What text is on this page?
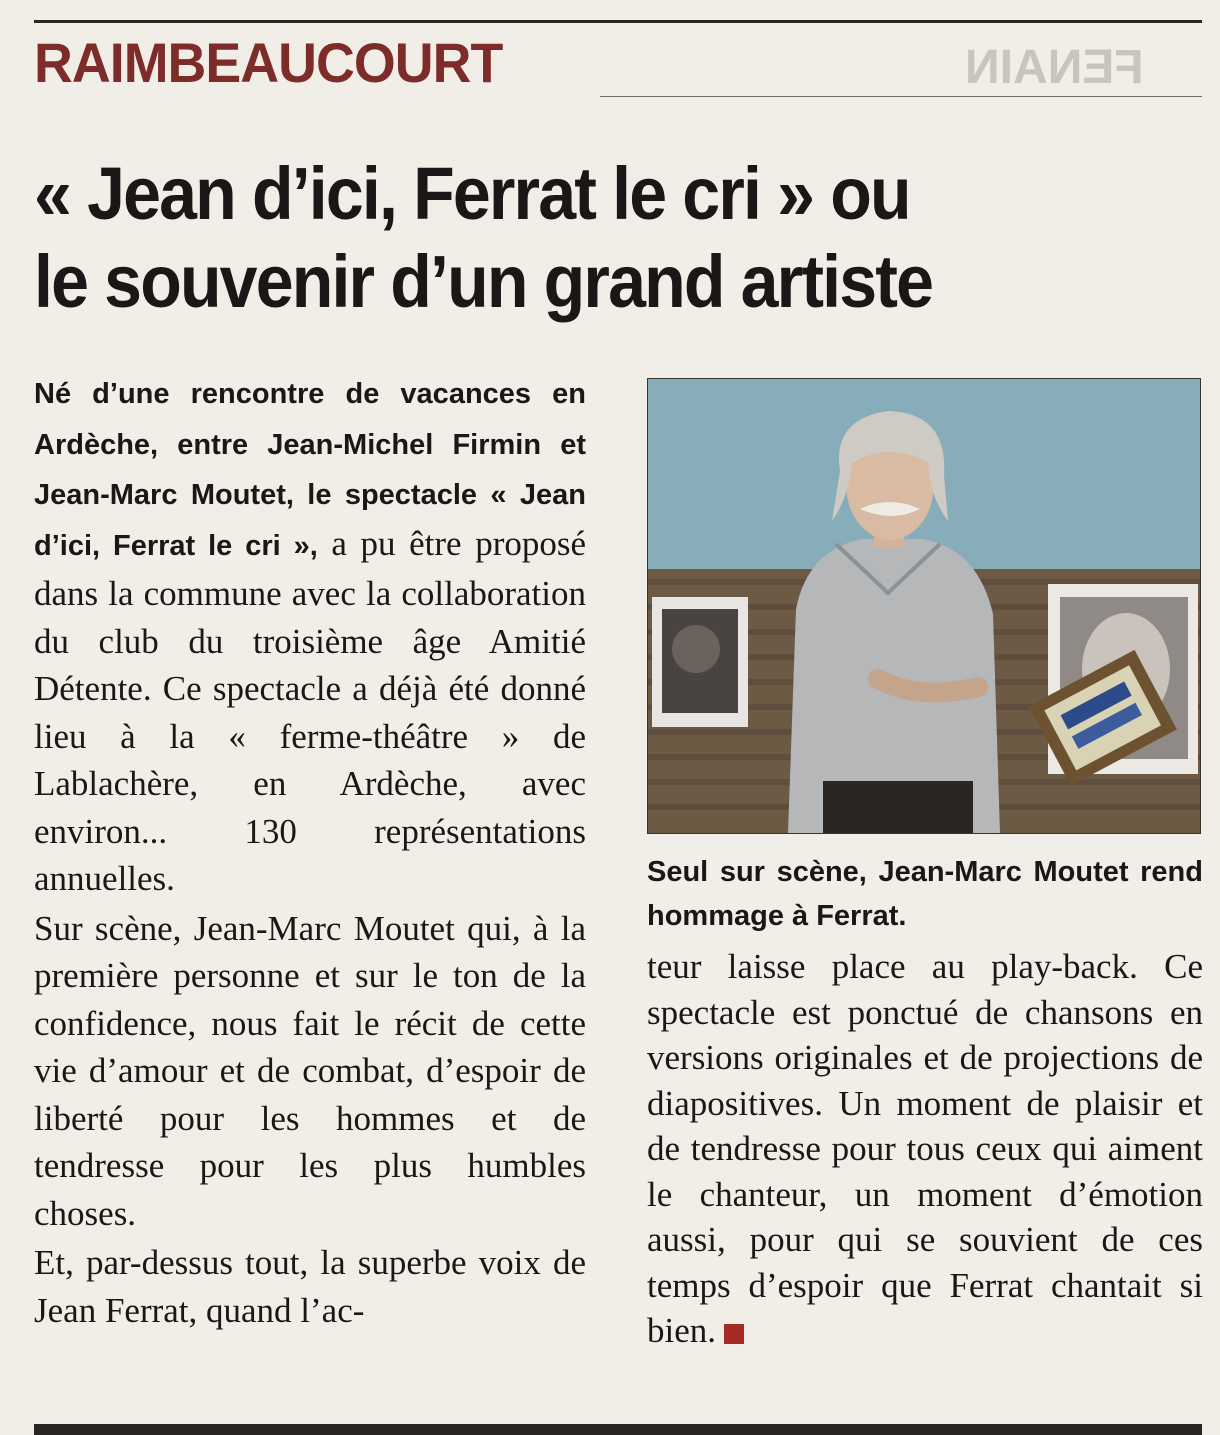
RAIMBEAUCOURT	FENAIN
« Jean d’ici, Ferrat le cri » ou
le souvenir d’un grand artiste

Né d’une rencontre de vacances en Ardèche, entre Jean-Michel Firmin et Jean-Marc Moutet, le spectacle « Jean d’ici, Ferrat le cri », a pu être proposé dans la commune avec la collaboration du club du troisième âge Amitié Détente. Ce spectacle a déjà été donné lieu à la « ferme-théâtre » de Lablachère, en Ardèche, avec environ... 130 représentations annuelles.

Sur scène, Jean-Marc Moutet qui, à la première personne et sur le ton de la confidence, nous fait le récit de cette vie d’amour et de combat, d’espoir de liberté pour les hommes et de tendresse pour les plus humbles choses.

Et, par-dessus tout, la superbe voix de Jean Ferrat, quand l’ac-

Seul sur scène, Jean-Marc Moutet rend hommage à Ferrat.

teur laisse place au play-back. Ce spectacle est ponctué de chansons en versions originales et de projections de diapositives. Un moment de plaisir et de tendresse pour tous ceux qui aiment le chanteur, un moment d’émotion aussi, pour qui se souvient de ces temps d’espoir que Ferrat chantait si bien.
